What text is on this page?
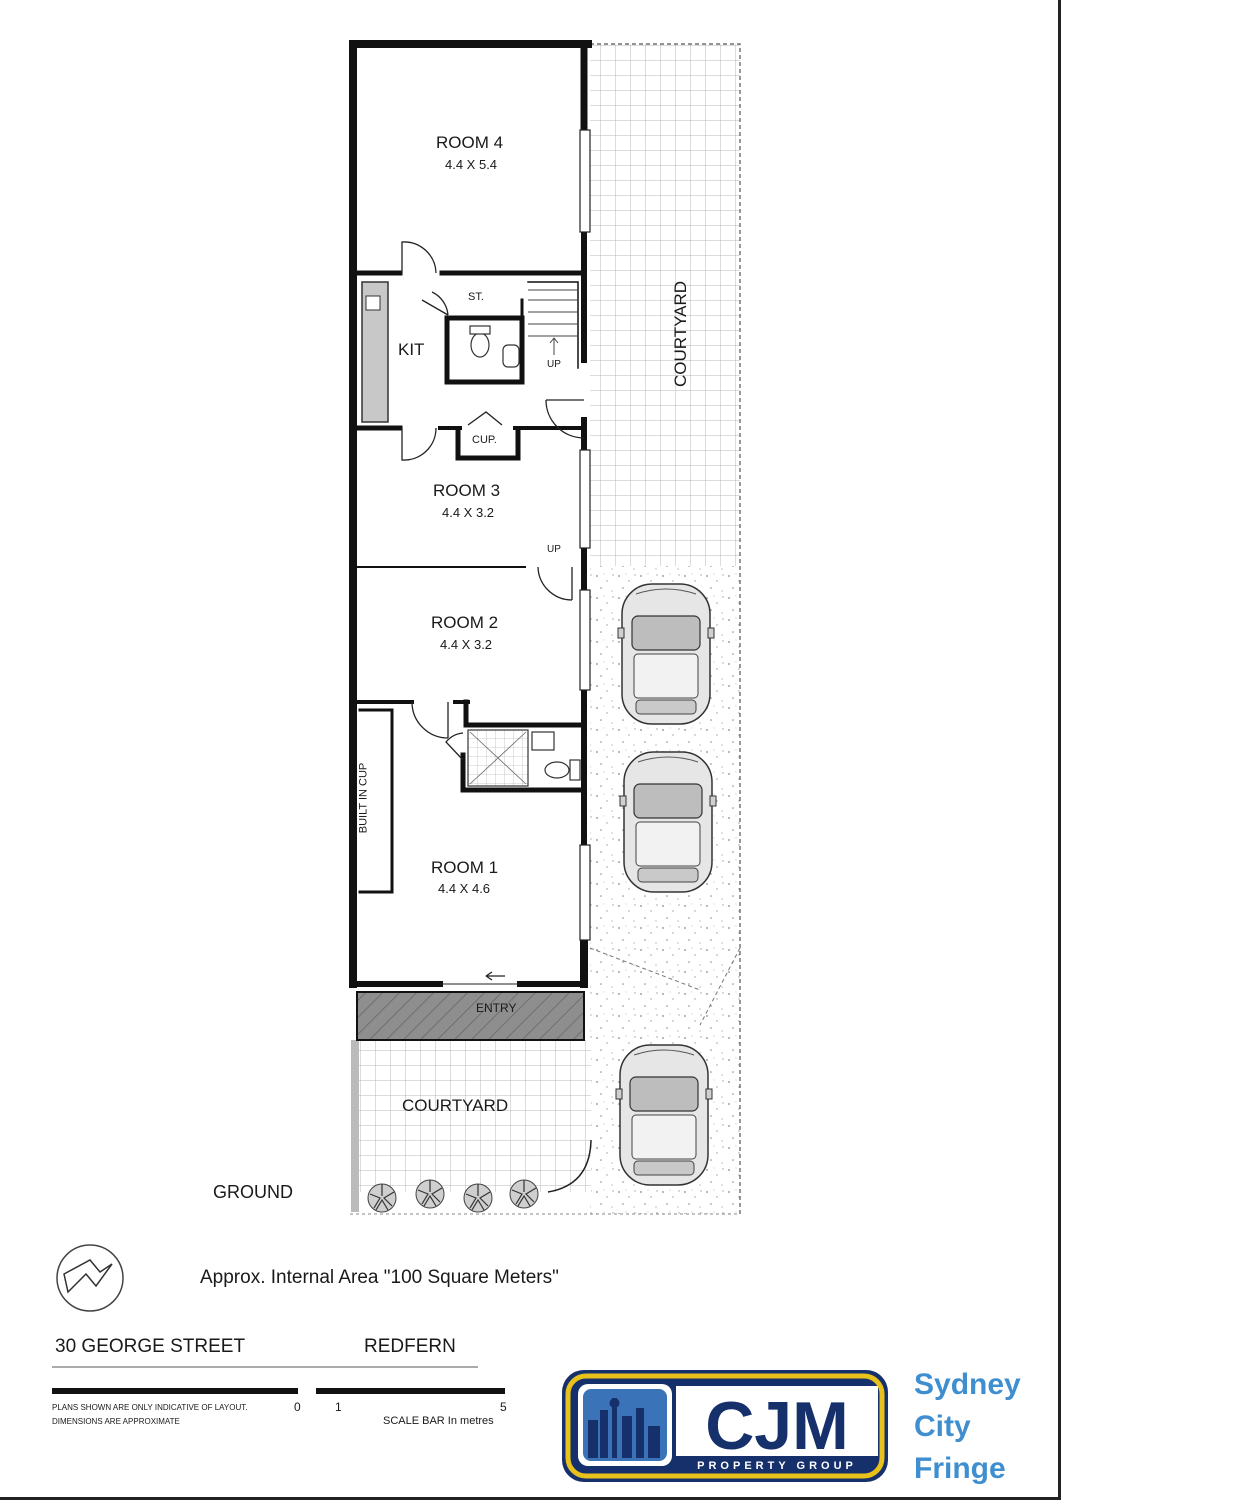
CJM
PROPERTY GROUP
ROOM 4
4.4 X 5.4
ST.
KIT
UP
CUP.
ROOM 3
4.4 X 3.2
UP
ROOM 2
4.4 X 3.2
BUILT IN CUP
ROOM 1
4.4 X 4.6
ENTRY
COURTYARD
COURTYARD
GROUND
Approx. Internal Area "100 Square Meters"
30 GEORGE STREET	REDFERN
PLANS SHOWN ARE ONLY INDICATIVE OF LAYOUT.
DIMENSIONS ARE APPROXIMATE
0	1	5
SCALE BAR In metres
Sydney
City
Fringe
